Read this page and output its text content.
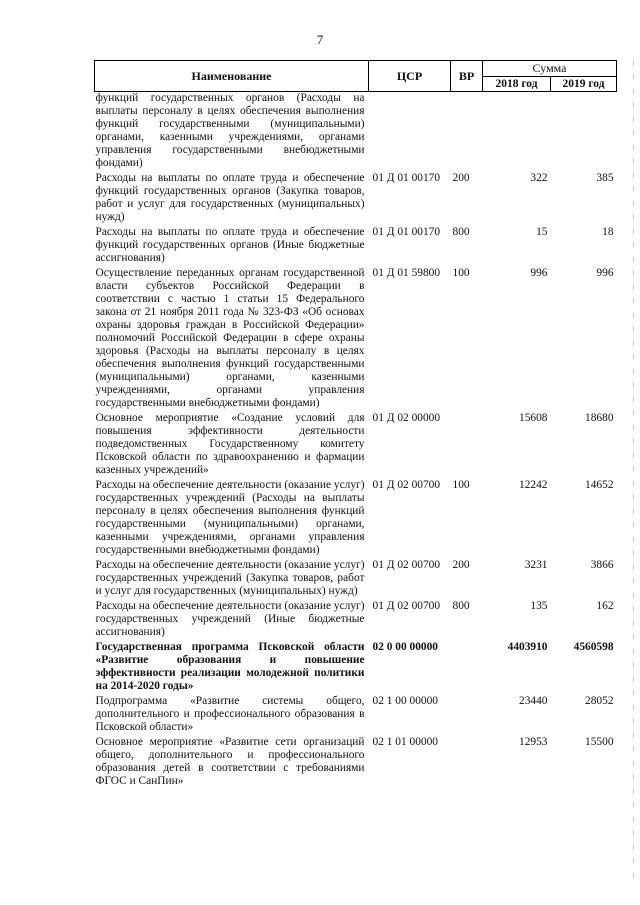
7
Наименование	ЦСР	ВР	Сумма	
			2018 год	2019 год
функций государственных органов (Расходы на выплаты персоналу в целях обеспечения выполнения функций государственными (муниципальными) органами, казенными учреждениями, органами управления государственными внебюджетными фондами)				
Расходы на выплаты по оплате труда и обеспечение функций государственных органов (Закупка товаров, работ и услуг для государственных (муниципальных) нужд)	01 Д 01 00170	200	322	385
Расходы на выплаты по оплате труда и обеспечение функций государственных органов (Иные бюджетные ассигнования)	01 Д 01 00170	800	15	18
Осуществление переданных органам государственной власти субъектов Российской Федерации в соответствии с частью 1 статьи 15 Федерального закона от 21 ноября 2011 года № 323-ФЗ «Об основах охраны здоровья граждан в Российской Федерации» полномочий Российской Федерации в сфере охраны здоровья (Расходы на выплаты персоналу в целях обеспечения выполнения функций государственными (муниципальными) органами, казенными учреждениями, органами управления государственными внебюджетными фондами)	01 Д 01 59800	100	996	996
Основное мероприятие «Создание условий для повышения эффективности деятельности подведомственных Государственному комитету Псковской области по здравоохранению и фармации казенных учреждений»	01 Д 02 00000		15608	18680
Расходы на обеспечение деятельности (оказание услуг) государственных учреждений (Расходы на выплаты персоналу в целях обеспечения выполнения функций государственными (муниципальными) органами, казенными учреждениями, органами управления государственными внебюджетными фондами)	01 Д 02 00700	100	12242	14652
Расходы на обеспечение деятельности (оказание услуг) государственных учреждений (Закупка товаров, работ и услуг для государственных (муниципальных) нужд)	01 Д 02 00700	200	3231	3866
Расходы на обеспечение деятельности (оказание услуг) государственных учреждений (Иные бюджетные ассигнования)	01 Д 02 00700	800	135	162
Государственная программа Псковской области «Развитие образования и повышение эффективности реализации молодежной политики на 2014-2020 годы»	02 0 00 00000		4403910	4560598
Подпрограмма «Развитие системы общего, дополнительного и профессионального образования в Псковской области»	02 1 00 00000		23440	28052
Основное мероприятие «Развитие сети организаций общего, дополнительного и профессионального образования детей в соответствии с требованиями ФГОС и СанПин»	02 1 01 00000		12953	15500
